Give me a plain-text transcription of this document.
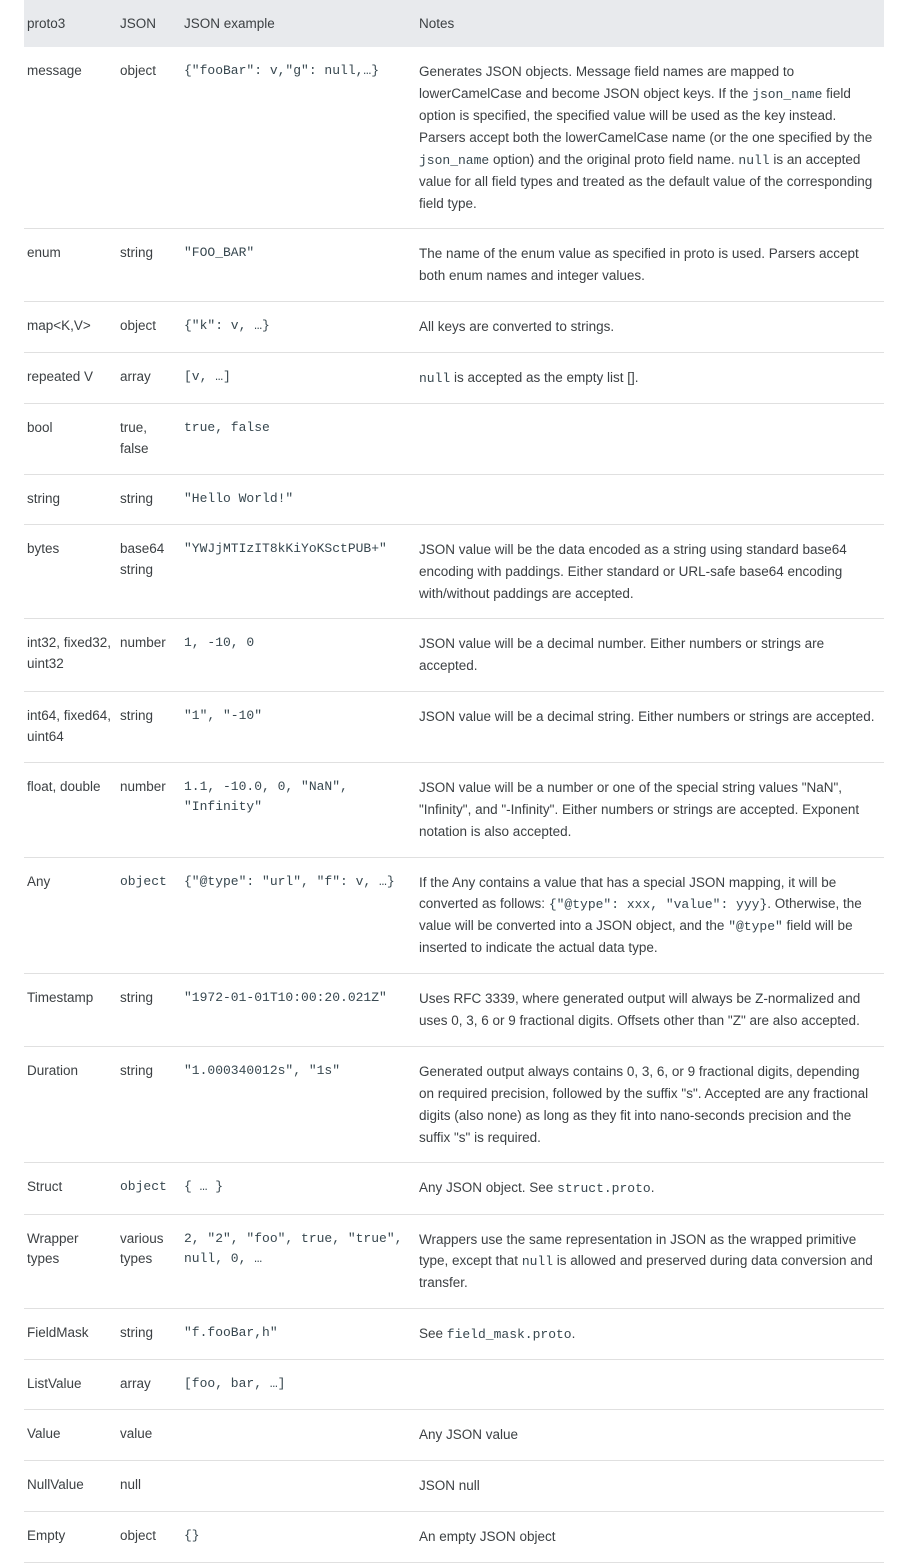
proto3	JSON	JSON example	Notes
message	object	{"fooBar": v,"g": null,…}	Generates JSON objects. Message field names are mapped to lowerCamelCase and become JSON object keys. If the json_name field option is specified, the specified value will be used as the key instead. Parsers accept both the lowerCamelCase name (or the one specified by the json_name option) and the original proto field name. null is an accepted value for all field types and treated as the default value of the corresponding field type.
enum	string	"FOO_BAR"	The name of the enum value as specified in proto is used. Parsers accept both enum names and integer values.
map<K,V>	object	{"k": v, …}	All keys are converted to strings.
repeated V	array	[v, …]	null is accepted as the empty list [].
bool	true, false	true, false	
string	string	"Hello World!"	
bytes	base64 string	"YWJjMTIzIT8kKiYoKSctPUB+"	JSON value will be the data encoded as a string using standard base64 encoding with paddings. Either standard or URL-safe base64 encoding with/without paddings are accepted.
int32, fixed32, uint32	number	1, -10, 0	JSON value will be a decimal number. Either numbers or strings are accepted.
int64, fixed64, uint64	string	"1", "-10"	JSON value will be a decimal string. Either numbers or strings are accepted.
float, double	number	1.1, -10.0, 0, "NaN", "Infinity"	JSON value will be a number or one of the special string values "NaN", "Infinity", and "-Infinity". Either numbers or strings are accepted. Exponent notation is also accepted.
Any	object	{"@type": "url", "f": v, …}	If the Any contains a value that has a special JSON mapping, it will be converted as follows: {"@type": xxx, "value": yyy}. Otherwise, the value will be converted into a JSON object, and the "@type" field will be inserted to indicate the actual data type.
Timestamp	string	"1972-01-01T10:00:20.021Z"	Uses RFC 3339, where generated output will always be Z-normalized and uses 0, 3, 6 or 9 fractional digits. Offsets other than "Z" are also accepted.
Duration	string	"1.000340012s", "1s"	Generated output always contains 0, 3, 6, or 9 fractional digits, depending on required precision, followed by the suffix "s". Accepted are any fractional digits (also none) as long as they fit into nano-seconds precision and the suffix "s" is required.
Struct	object	{ … }	Any JSON object. See struct.proto.
Wrapper types	various types	2, "2", "foo", true, "true", null, 0, …	Wrappers use the same representation in JSON as the wrapped primitive type, except that null is allowed and preserved during data conversion and transfer.
FieldMask	string	"f.fooBar,h"	See field_mask.proto.
ListValue	array	[foo, bar, …]	
Value	value		Any JSON value
NullValue	null		JSON null
Empty	object	{}	An empty JSON object
